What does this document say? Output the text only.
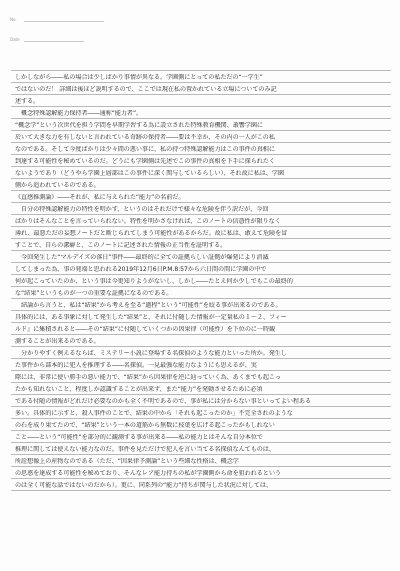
No.
Date
しかしながら――私の場合は少しばかり事情が異なる。学園側にとっての私ただの“一学生”
ではないのだ！ 詳細は後ほど説明するので、ここでは現在私の置かれている立場についてのみ記
述する。
　概念特殊認解能力保持者――通称“能力者”。
“概念学”という次世代を担う学問を早期学習する為に設立された特殊教育機関、叢響学園に
於いて大きな力を有しないと言われている奇跡の保持者――要は不幸か、その内の一人がこの私
なのである。そして今度ばかりは少々間の悪い事に、私の持つ特殊認解能力はこの事件の真相に
到達する可能性を秘めているのだ。どうにも学園側は先述でこの事件の真相を下手に探られたく
ないようであり（どうやら学園上層部はこの事件に深く関与しているらしい）、それ故に私は、学園
側から追われているのである。
《直感推測論》――それが、私に与えられた“能力”の名前だ。
　自分の特殊認解能力の特性を明かす、というのはそれだけで様々な危険を伴う訳だが、今回
ばかりはそんなことを言っていられない。特性を明かさなければ、このノートの信憑性が限りなく
薄れ、最悪ただの妄想ノートだと断じられてしまう可能性があるからだ。故に私は、敢えて危険を冒
すことで、自らの潔癖と、このノートに記述された情報の正当性を証明する。
　今回発生した“マルデイズの落日”事件――最終的に全ての証拠らしい証拠が爆発により消滅
してしまった為、事の発端と思われる2019年12月6日P.M.8:57から六日間の間に学園の中で
何が起こっていたのか、という事は今更知りようがないし、しかし――たとえ何か少しでもこの最終的
な“結果”というものが一つの重要な証拠になるのである。
　結論から言うと、私は“結果”から考えを至る“過程”という“可能性”を絞る事が出来るのである。
具体的には、ある事象に対して発生した“結果”と、それに付随した情報が一定量私の１〜２、フィー
ルド』に集積されると――その“結果”に付随していくつかの因果律（可能性）を下位のに一時観
測することが出来るのである。
　分かりやすく例えるならば、ミステリー小説に登場する名探偵のような能力といった所か。発生し
た事件から部本的に犯人を推理する――名探偵。一見最強な能力なようにも思えるが、実
際には、非常に使い勝手の悪い能力で、“結果”から因果律を逆に辿っていく為、あくまでも起こっ
たかも知れないこと、程度しか認識することが出来ず、また“能力”を発動させるために必須
である付随の情報がどれだけ必要なのかも全く不明であるので、事が私には分からない事といってよい程ある
多い。具体的に示すと、殺人事件のことで、結果の中から「それも起こったのか」不完全されのような
の石を成り果てたので、“結果”という一本の道筋から無数に枝葉を広げる起こったかもしれない
こと――という“可能性”を部分的に観測する事が出来る――私の能力とはそんな自分本位で
推理に関しては使えない能力なのだ。事件を見ただけで犯人を言い当てる名探偵なんてものは、
所詮想像上の産物なのである（ただ、“因果律予測論”という些細な性格は、概念学
の思惑を達成する可能性を秘めており、そんなレア能力持ちの私が学園側から命を狙われるという
のは全く可能な話ではないのだから）。更に、同系列の“能力”持ちが関与した状況に対しては、
